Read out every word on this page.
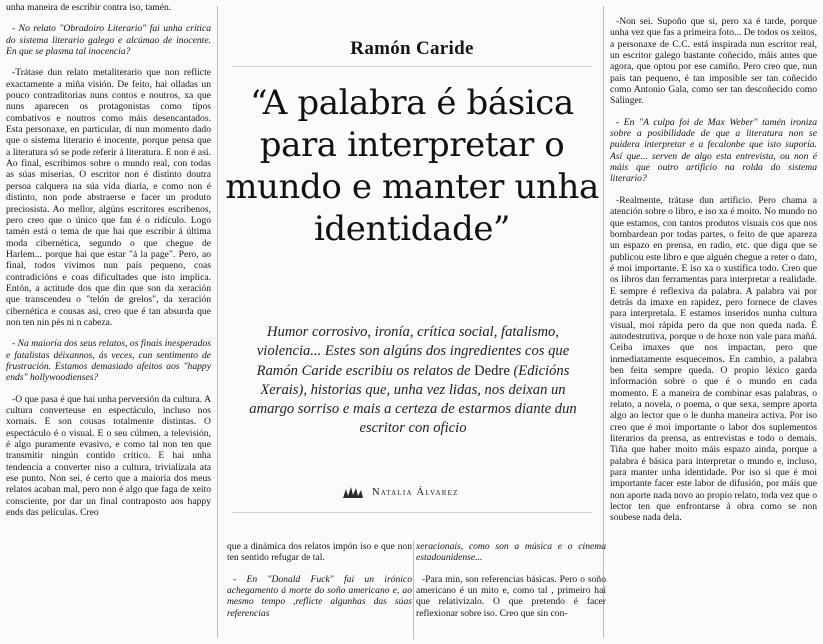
unha maneira de escribir contra iso, tamén.

- No relato "Obradoiro Literario" fai unha crítica do sistema literario galego e alcúmao de inocente. En que se plasma tal inocencia?

-Trátase dun relato metaliterario que non reflicte exactamente a miña visión. De feito, hai olladas un pouco contraditorias nuns contos e noutros, xa que nuns aparecen os protagonistas como tipos combativos e noutros como máis desencantados. Esta personaxe, en particular, di nun momento dado que o sistema literario é inocente, porque pensa que a literatura só se pode referir á literatura. E non é así. Ao final, escribimos sobre o mundo real, con todas as súas miserias. O escritor non é distinto doutra persoa calquera na súa vida diaria, e como non é distinto, non pode abstraerse e facer un produto preciosista. Ao mellor, algúns escritores escribenos, pero creo que o único que fan é o ridículo. Logo tamén está o tema de que hai que escribir á última moda cibernética, segundo o que chegue de Harlem... porque hai que estar "á la page". Pero, ao final, todos vivimos nun país pequeno, coas contradicións e coas dificultades que isto implica. Entón, a actitude dos que din que son da xeración que transcendeu o "telón de grelos", da xeración cibernética e cousas así, creo que é tan absurda que non ten nin pés ni n cabeza.

- Na maioría dos seus relatos, os finais inesperados e fatalistas déixannos, ás veces, cun sentimento de frustración. Estamos demasiado afeitos aos "happy ends" hollywoodienses?

-O que pasa é que hai unha perversión da cultura. A cultura converteuse en espectáculo, incluso nos xornais. E son cousas totalmente distintas. O espectáculo é o visual. E o seu cúlmen, a televisión, é algo puramente evasivo, e como tal non ten que transmitir ningún contido crítico. E hai unha tendencia a converter niso a cultura, trivializala ata ese punto. Non sei, é certo que a maioría dos meus relatos acaban mal, pero non é algo que faga de xeito consciente, por dar un final contraposto aos happy ends das películas. Creo

Ramón Caride
“A palabra é básica para interpretar o mundo e manter unha identidade”
Humor corrosivo, ironía, crítica social, fatalismo, violencia... Estes son algúns dos ingredientes cos que Ramón Caride escribiu os relatos de Dedre (Edicións Xerais), historias que, unha vez lidas, nos deixan un amargo sorriso e mais a certeza de estarmos diante dun escritor con oficio
Natalia Álvarez

que a dinámica dos relatos impón iso e que non ten sentido refugar de tal.

- En "Donald Fuck" fai un irónico achegamento á morte do soño americano e, ao mesmo tempo ,reflicte algunhas das súas referencias

xeracionais, como son a música e o cinema estadounidense...

-Para min, son referencias básicas. Pero o soño americano é un mito e, como tal , primeiro hai que relativizalo. O que pretendo é facer reflexionar sobre iso. Creo que sin con-

-Non sei. Supoño que si, pero xa é tarde, porque unha vez que fas a primeira foto... De todos os xeitos, a personaxe de C.C. está inspirada nun escritor real, un escritor galego bastante coñecido, máis antes que agora, que optou por ese camiño. Pero creo que, nun país tan pequeno, é tan imposible ser tan coñecido como Antonio Gala, como ser tan descoñecido como Salinger.

- En "A culpa foi de Max Weber" tamén ironiza sobre a posibilidade de que a literatura non se puidera interpretar e a fecalonbe que isto suporía. Así que... serven de algo esta entrevista, ou non é máis que outro artificio na rolda do sistema literario?

-Realmente, trátase dun artificio. Pero chama a atención sobre o libro, e iso xa é moito. No mundo no que estamos, con tantos produtos visuais cos que nos bombardean por todas partes, o feito de que apareza un espazo en prensa, en radio, etc. que diga que se publicou este libro e que alguén chegue a reter o dato, é moi importante. E iso xa o xustifica todo. Creo que os libros dan ferramentas para interpretar a realidade. E sempre é reflexiva da palabra. A palabra vai por detrás da imaxe en rapidez, pero fornece de claves para interpretala. E estamos inseridos nunha cultura visual, moi rápida pero da que non queda nada. É autodestrutiva, porque o de hoxe non vale para mañá. Ceiba imaxes que nos impactan, pero que inmediatamente esquecemos. En cambio, a palabra ben feita sempre queda. O propio léxico garda información sobre o que é o mundo en cada momento. E a maneira de combinar esas palabras, o relato, a novela, o poema, o que sexa, sempre aporta algo ao lector que o le dunha maneira activa. Por iso creo que é moi importante o labor dos suplementos literarios da prensa, as entrevistas e todo o demais. Tiña que haber moito máis espazo ainda, porque a palabra é básica para interpretar o mundo e, incluso, para manter unha identidade. Por iso si que é moi importante facer este labor de difusión, por máis que non aporte nada novo ao propio relato, toda vez que o lector ten que enfrontarse á obra como se non soubese nada dela.
